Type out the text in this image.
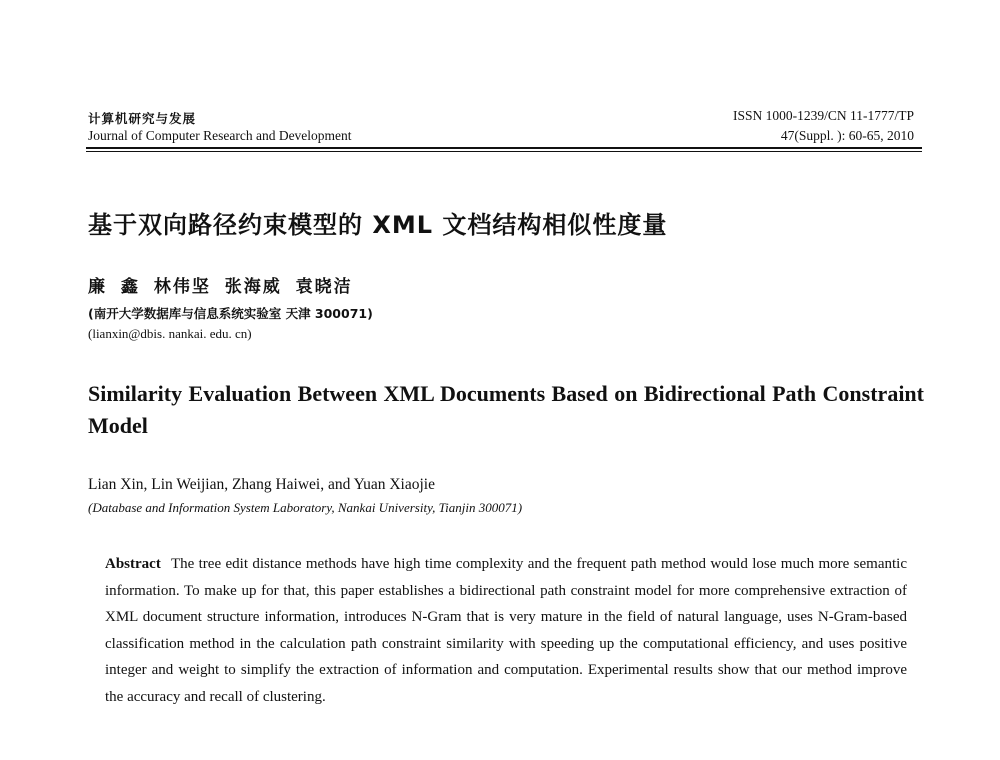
计算机研究与发展
Journal of Computer Research and Development
ISSN 1000-1239/CN 11-1777/TP
47(Suppl. ): 60-65, 2010
基于双向路径约束模型的 XML 文档结构相似性度量
廉 鑫 林伟坚 张海威 袁晓洁
(南开大学数据库与信息系统实验室 天津 300071)
(lianxin@dbis. nankai. edu. cn)
Similarity Evaluation Between XML Documents Based on Bidirectional Path Constraint Model
Lian Xin, Lin Weijian, Zhang Haiwei, and Yuan Xiaojie
(Database and Information System Laboratory, Nankai University, Tianjin 300071)
Abstract The tree edit distance methods have high time complexity and the frequent path method would lose much more semantic information. To make up for that, this paper establishes a bidirectional path constraint model for more comprehensive extraction of XML document structure information, introduces N-Gram that is very mature in the field of natural language, uses N-Gram-based classification method in the calculation path constraint similarity with speeding up the computational efficiency, and uses positive integer and weight to simplify the extraction of information and computation. Experimental results show that our method improve the accuracy and recall of clustering.
